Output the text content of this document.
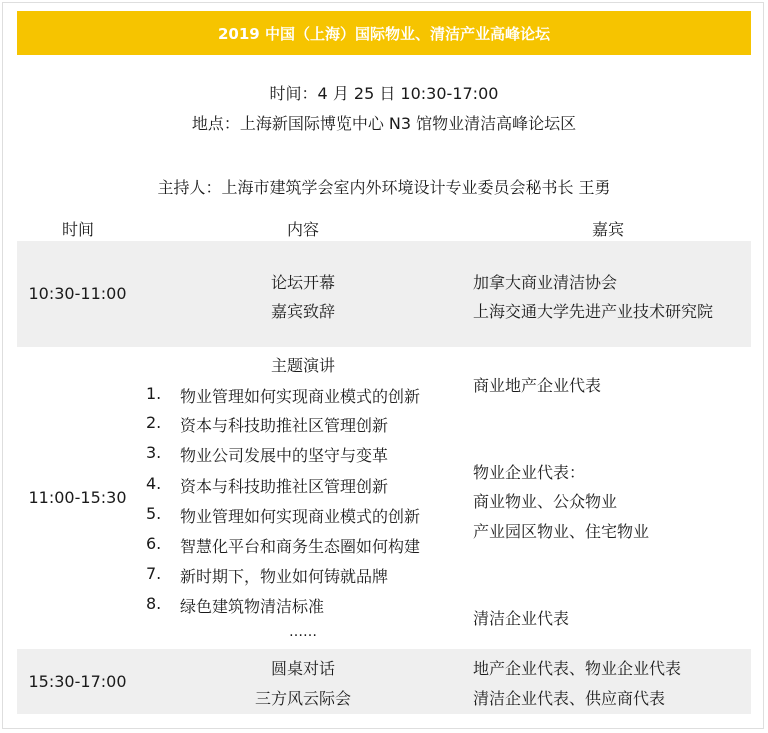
2019 中国（上海）国际物业、清洁产业高峰论坛
时间：4 月 25 日 10:30-17:00
地点：上海新国际博览中心 N3 馆物业清洁高峰论坛区
主持人：上海市建筑学会室内外环境设计专业委员会秘书长 王勇
时间	内容	嘉宾
10:30-11:00
论坛开幕
嘉宾致辞
加拿大商业清洁协会
上海交通大学先进产业技术研究院
11:00-15:30
主题演讲
1. 物业管理如何实现商业模式的创新
2. 资本与科技助推社区管理创新
3. 物业公司发展中的坚守与变革
4. 资本与科技助推社区管理创新
5. 物业管理如何实现商业模式的创新
6. 智慧化平台和商务生态圈如何构建
7. 新时期下，物业如何铸就品牌
8. 绿色建筑物清洁标准
……
商业地产企业代表
物业企业代表：
商业物业、公众物业
产业园区物业、住宅物业
清洁企业代表
15:30-17:00
圆桌对话
三方风云际会
地产企业代表、物业企业代表
清洁企业代表、供应商代表
